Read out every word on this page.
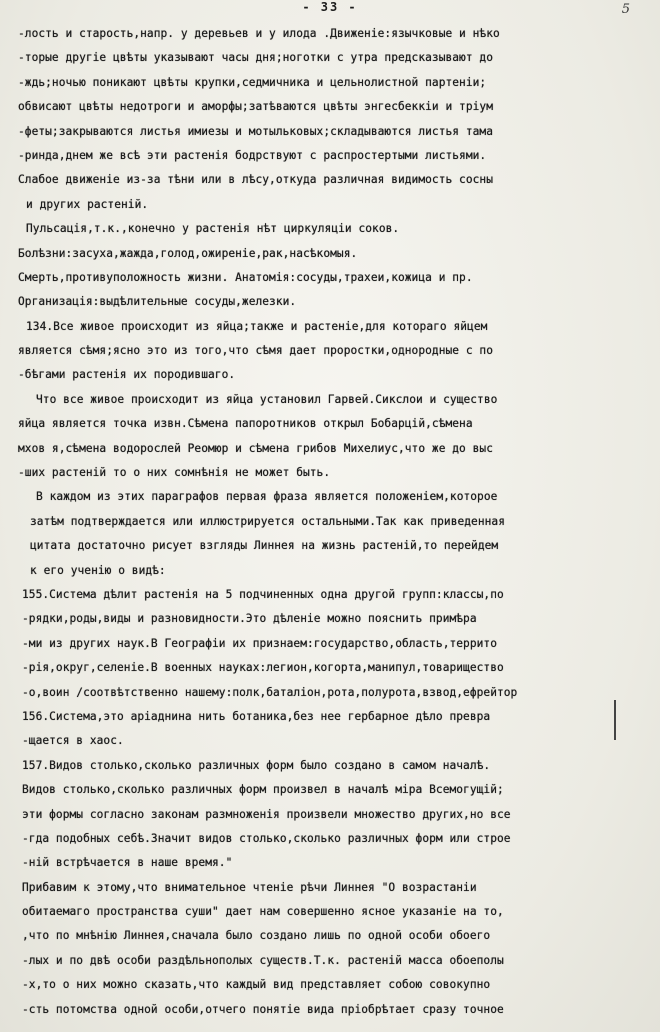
- 33 -	5
-лость и старость,напр. у деревьев и у илода .Движенiе:язычковые и нѣко
-торые другiе цвѣты указывают часы дня;ноготки с утра предсказывают до
-ждь;ночью поникают цвѣты крупки,седмичника и цельнолистной партенiи;
обвисают цвѣты недотроги и аморфы;затѣваются цвѣты энгесбеккiи и трiум
-феты;закрываются листья имиезы и мотыльковых;складываются листья тама
-ринда,днем же всѣ эти растенiя бодрствуют с распростертыми листьями.
Слабое движенiе из-за тѣни или в лѣсу,откуда различная видимость сосны
и других растенiй.
Пульсацiя,т.к.,конечно у растенiя нѣт циркуляцiи соков.
Болѣзни:засуха,жажда,голод,ожиренiе,рак,насѣкомыя.
Смерть,противуположность жизни. Анатомiя:сосуды,трахеи,кожица и пр.
Организацiя:выдѣлительные сосуды,железки.
134.Все живое происходит из яйца;также и растенiе,для котораго яйцем
является сѣмя;ясно это из того,что сѣмя дает проростки,однородные с по
-бѣгами растенiя их породившаго.
Что все живое происходит из яйца установил Гарвей.Сикслои и существо
яйца является точка извн.Сѣмена папоротников открыл Бобарцiй,сѣмена
мхов я,сѣмена водорослей Реомюр и сѣмена грибов Михелиус,что же до выс
-ших растенiй то о них сомнѣнiя не может быть.
В каждом из этих параграфов первая фраза является положенiем,которое
затѣм подтверждается или иллюстрируется остальными.Так как приведенная
цитата достаточно рисует взгляды Линнея на жизнь растенiй,то перейдем
к его ученiю о видѣ:
155.Система дѣлит растенiя на 5 подчиненных одна другой групп:классы,по
-рядки,роды,виды и разновидности.Это дѣленiе можно пояснить примѣра
-ми из других наук.В Географiи их признаем:государство,область,террито
-рiя,округ,селенiе.В военных науках:легион,когорта,манипул,товарищество
-о,воин /соотвѣтственно нашему:полк,баталiон,рота,полурота,взвод,ефрейтор
156.Система,это арiаднина нить ботаника,без нее гербарное дѣло превра
-щается в хаос.
157.Видов столько,сколько различных форм было создано в самом началѣ.
Видов столько,сколько различных форм произвел в началѣ мiра Всемогущiй;
эти формы согласно законам размноженiя произвели множество других,но все
-гда подобных себѣ.Значит видов столько,сколько различных форм или строе
-нiй встрѣчается в наше время."
Прибавим к этому,что внимательное чтенiе рѣчи Линнея "О возрастанiи
обитаемаго пространства суши" дает нам совершенно ясное указанiе на то,
,что по мнѣнiю Линнея,сначала было создано лишь по одной особи обоего
-лых и по двѣ особи раздѣльнополых существ.Т.к. растенiй масса обоеполы
-х,то о них можно сказать,что каждый вид представляет собою совокупно
-сть потомства одной особи,отчего понятiе вида прiобрѣтает сразу точное
